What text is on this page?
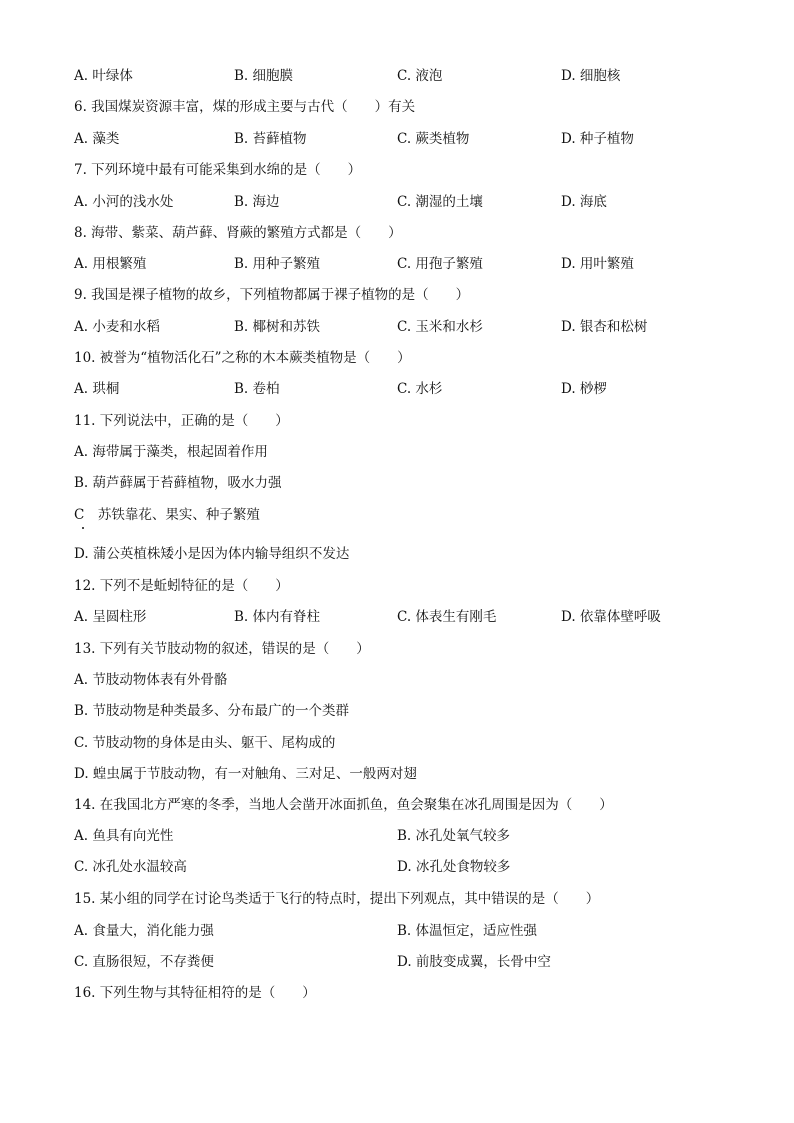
A. 叶绿体	B. 细胞膜	C. 液泡	D. 细胞核
6. 我国煤炭资源丰富，煤的形成主要与古代（　　）有关
A. 藻类	B. 苔藓植物	C. 蕨类植物	D. 种子植物
7. 下列环境中最有可能采集到水绵的是（　　）
A. 小河的浅水处	B. 海边	C. 潮湿的土壤	D. 海底
8. 海带、紫菜、葫芦藓、肾蕨的繁殖方式都是（　　）
A. 用根繁殖	B. 用种子繁殖	C. 用孢子繁殖	D. 用叶繁殖
9. 我国是裸子植物的故乡，下列植物都属于裸子植物的是（　　）
A. 小麦和水稻	B. 椰树和苏铁	C. 玉米和水杉	D. 银杏和松树
10. 被誉为“植物活化石”之称的木本蕨类植物是（　　）
A. 珙桐	B. 卷柏	C. 水杉	D. 桫椤
11. 下列说法中，正确的是（　　）
A. 海带属于藻类，根起固着作用
B. 葫芦藓属于苔藓植物，吸水力强
C　苏铁靠花、果实、种子繁殖
D. 蒲公英植株矮小是因为体内输导组织不发达
12. 下列不是蚯蚓特征的是（　　）
A. 呈圆柱形	B. 体内有脊柱	C. 体表生有刚毛	D. 依靠体壁呼吸
13. 下列有关节肢动物的叙述，错误的是（　　）
A. 节肢动物体表有外骨骼
B. 节肢动物是种类最多、分布最广的一个类群
C. 节肢动物的身体是由头、躯干、尾构成的
D. 蝗虫属于节肢动物，有一对触角、三对足、一般两对翅
14. 在我国北方严寒的冬季，当地人会凿开冰面抓鱼，鱼会聚集在冰孔周围是因为（　　）
A. 鱼具有向光性	B. 冰孔处氧气较多
C. 冰孔处水温较高	D. 冰孔处食物较多
15. 某小组的同学在讨论鸟类适于飞行的特点时，提出下列观点，其中错误的是（　　）
A. 食量大，消化能力强	B. 体温恒定，适应性强
C. 直肠很短，不存粪便	D. 前肢变成翼，长骨中空
16. 下列生物与其特征相符的是（　　）
